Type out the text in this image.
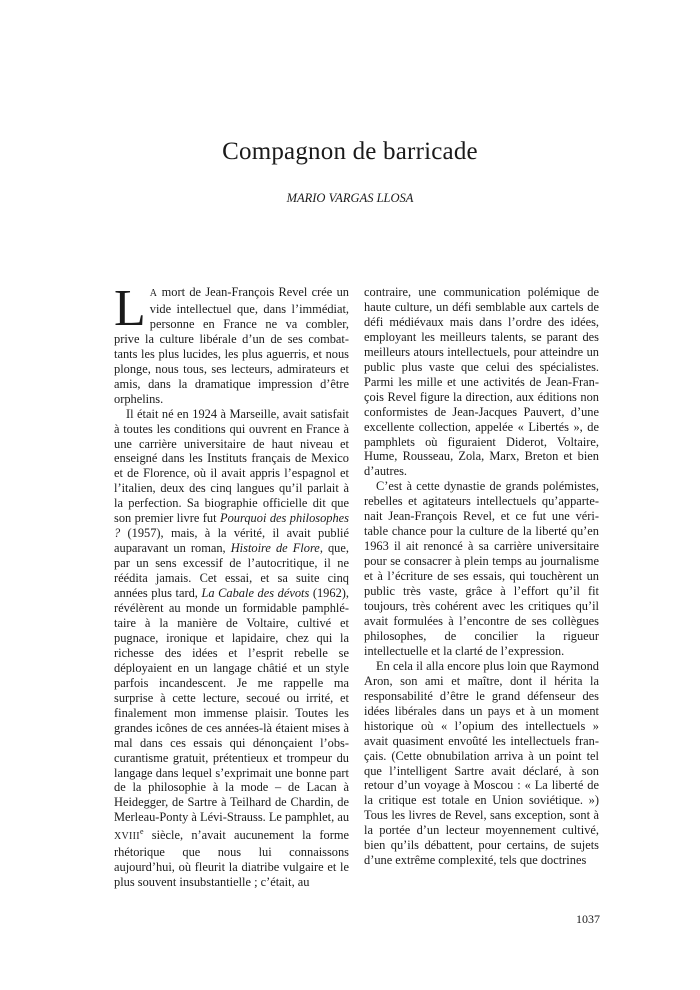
Compagnon de barricade
MARIO VARGAS LLOSA

L A mort de Jean-François Revel crée un vide intellectuel que, dans l’immédiat, personne en France ne va combler, prive la culture libérale d’un de ses combattants les plus lucides, les plus aguerris, et nous plonge, nous tous, ses lecteurs, admirateurs et amis, dans la dramatique impression d’être orphelins.

Il était né en 1924 à Marseille, avait satisfait à toutes les conditions qui ouvrent en France à une carrière universitaire de haut niveau et enseigné dans les Instituts français de Mexico et de Florence, où il avait appris l’espagnol et l’italien, deux des cinq langues qu’il parlait à la perfection. Sa biographie officielle dit que son premier livre fut Pourquoi des philosophes ? (1957), mais, à la vérité, il avait publié auparavant un roman, Histoire de Flore, que, par un sens excessif de l’autocritique, il ne réédita jamais. Cet essai, et sa suite cinq années plus tard, La Cabale des dévots (1962), révélèrent au monde un formidable pamphlétaire à la manière de Voltaire, cultivé et pugnace, ironique et lapidaire, chez qui la richesse des idées et l’esprit rebelle se déployaient en un langage châtié et un style parfois incandescent. Je me rappelle ma surprise à cette lecture, secoué ou irrité, et finalement mon immense plaisir. Toutes les grandes icônes de ces années-là étaient mises à mal dans ces essais qui dénonçaient l’obscurantisme gratuit, prétentieux et trompeur du langage dans lequel s’exprimait une bonne part de la philosophie à la mode – de Lacan à Heidegger, de Sartre à Teilhard de Chardin, de Merleau-Ponty à Lévi-Strauss. Le pamphlet, au XVIIIe siècle, n’avait aucunement la forme rhétorique que nous lui connaissons aujourd’hui, où fleurit la diatribe vulgaire et le plus souvent insubstantielle ; c’était, au

contraire, une communication polémique de haute culture, un défi semblable aux cartels de défi médiévaux mais dans l’ordre des idées, employant les meilleurs talents, se parant des meilleurs atours intellectuels, pour atteindre un public plus vaste que celui des spécialistes. Parmi les mille et une activités de Jean-François Revel figure la direction, aux éditions non conformistes de Jean-Jacques Pauvert, d’une excellente collection, appelée « Libertés », de pamphlets où figuraient Diderot, Voltaire, Hume, Rousseau, Zola, Marx, Breton et bien d’autres.

C’est à cette dynastie de grands polémistes, rebelles et agitateurs intellectuels qu’appartenait Jean-François Revel, et ce fut une véritable chance pour la culture de la liberté qu’en 1963 il ait renoncé à sa carrière universitaire pour se consacrer à plein temps au journalisme et à l’écriture de ses essais, qui touchèrent un public très vaste, grâce à l’effort qu’il fit toujours, très cohérent avec les critiques qu’il avait formulées à l’encontre de ses collègues philosophes, de concilier la rigueur intellectuelle et la clarté de l’expression.

En cela il alla encore plus loin que Raymond Aron, son ami et maître, dont il hérita la responsabilité d’être le grand défenseur des idées libérales dans un pays et à un moment historique où « l’opium des intellectuels » avait quasiment envoûté les intellectuels français. (Cette obnubilation arriva à un point tel que l’intelligent Sartre avait déclaré, à son retour d’un voyage à Moscou : « La liberté de la critique est totale en Union soviétique. ») Tous les livres de Revel, sans exception, sont à la portée d’un lecteur moyennement cultivé, bien qu’ils débattent, pour certains, de sujets d’une extrême complexité, tels que doctrines

1037
